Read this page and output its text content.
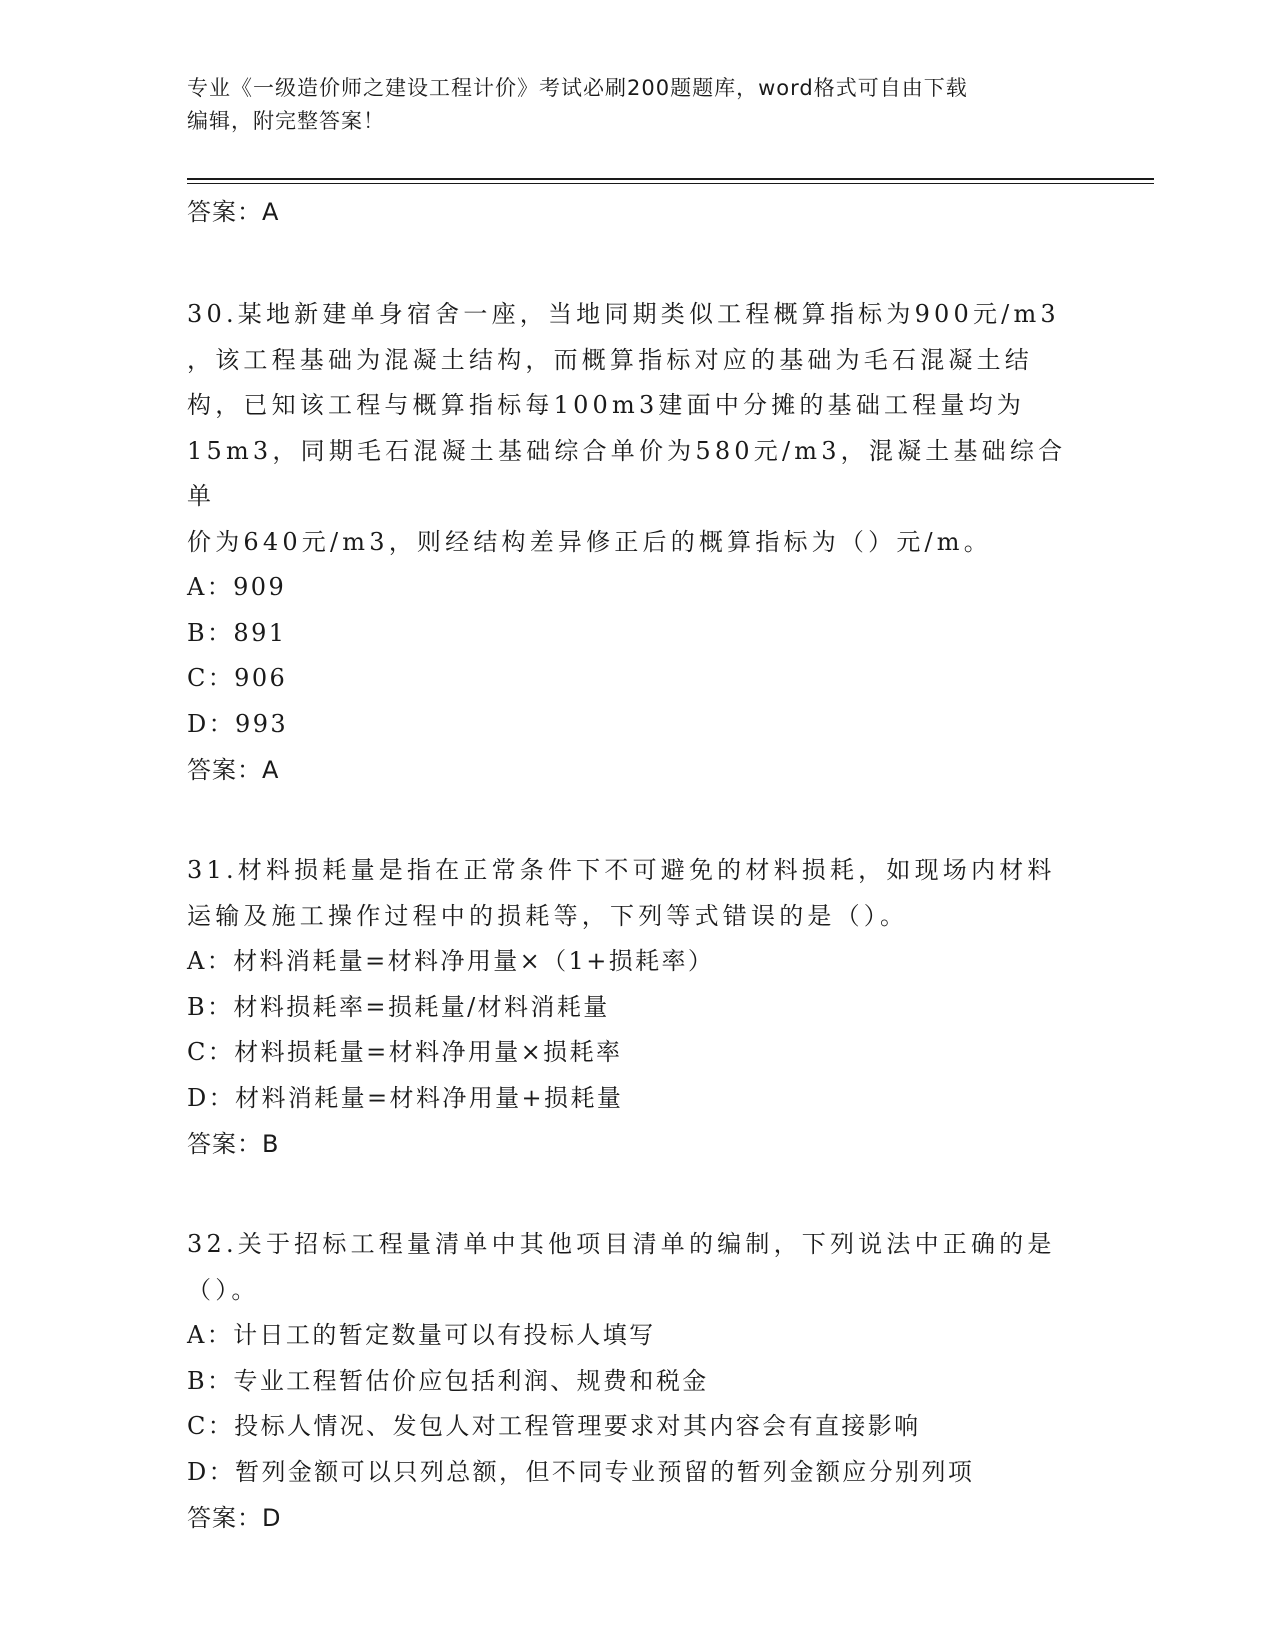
专业《一级造价师之建设工程计价》考试必刷200题题库，word格式可自由下载
编辑，附完整答案！
答案：A
30.某地新建单身宿舍一座，当地同期类似工程概算指标为900元/m3
，该工程基础为混凝土结构，而概算指标对应的基础为毛石混凝土结
构，已知该工程与概算指标每100m3建面中分摊的基础工程量均为
15m3，同期毛石混凝土基础综合单价为580元/m3，混凝土基础综合单
价为640元/m3，则经结构差异修正后的概算指标为（）元/m。
A：909
B：891
C：906
D：993
答案：A
31.材料损耗量是指在正常条件下不可避免的材料损耗，如现场内材料
运输及施工操作过程中的损耗等，下列等式错误的是（）。
A：材料消耗量=材料净用量×（1+损耗率）
B：材料损耗率=损耗量/材料消耗量
C：材料损耗量=材料净用量×损耗率
D：材料消耗量=材料净用量+损耗量
答案：B
32.关于招标工程量清单中其他项目清单的编制，下列说法中正确的是
（）。
A：计日工的暂定数量可以有投标人填写
B：专业工程暂估价应包括利润、规费和税金
C：投标人情况、发包人对工程管理要求对其内容会有直接影响
D：暂列金额可以只列总额，但不同专业预留的暂列金额应分别列项
答案：D
